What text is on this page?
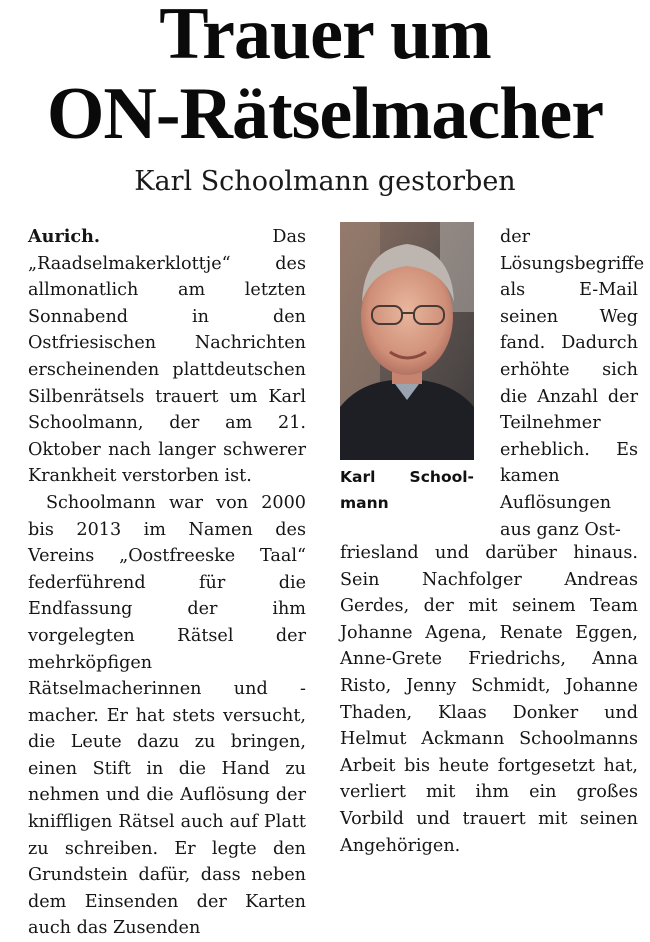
Trauer um
ON-Rätselmacher
Karl Schoolmann gestorben

Aurich. Das „Raadselmakerklottje“ des allmonatlich am letzten Sonnabend in den Ostfriesischen Nachrichten erscheinenden plattdeutschen Silbenrätsels trauert um Karl Schoolmann, der am 21. Oktober nach langer schwerer Krankheit verstorben ist.

Schoolmann war von 2000 bis 2013 im Namen des Vereins „Oostfreeske Taal“ federführend für die Endfassung der ihm vorgelegten Rätsel der mehrköpfigen Rätselmacherinnen und -macher. Er hat stets versucht, die Leute dazu zu bringen, einen Stift in die Hand zu nehmen und die Auflösung der kniffligen Rätsel auch auf Platt zu schreiben. Er legte den Grundstein dafür, dass neben dem Einsenden der Karten auch das Zusenden

Karl School-
mann

der Lösungsbegriffe als E-Mail seinen Weg fand. Dadurch erhöhte sich die Anzahl der Teilnehmer erheblich. Es kamen Auflösungen aus ganz Ost-

friesland und darüber hinaus. Sein Nachfolger Andreas Gerdes, der mit seinem Team Johanne Agena, Renate Eggen, Anne-Grete Friedrichs, Anna Risto, Jenny Schmidt, Johanne Thaden, Klaas Donker und Helmut Ackmann Schoolmanns Arbeit bis heute fortgesetzt hat, verliert mit ihm ein großes Vorbild und trauert mit seinen Angehörigen.
